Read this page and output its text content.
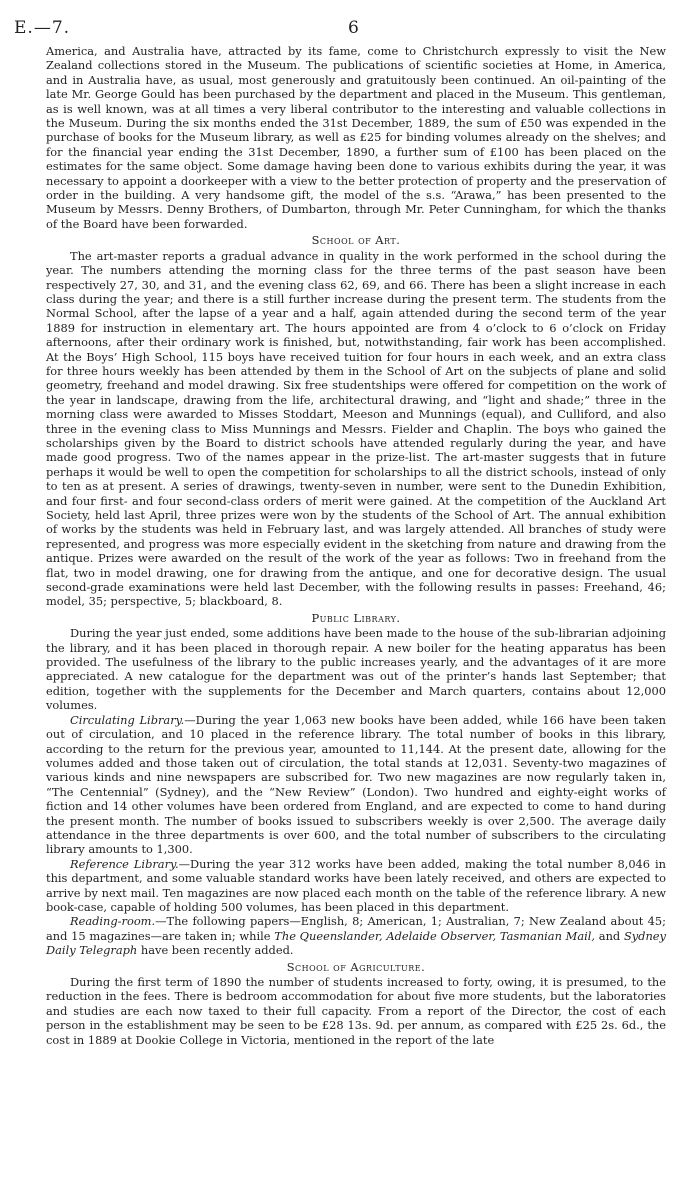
E.—7.	6

America, and Australia have, attracted by its fame, come to Christchurch expressly to visit the New Zealand collections stored in the Museum. The publications of scientific societies at Home, in America, and in Australia have, as usual, most generously and gratuitously been continued. An oil-painting of the late Mr. George Gould has been purchased by the department and placed in the Museum. This gentleman, as is well known, was at all times a very liberal contributor to the interesting and valuable collections in the Museum. During the six months ended the 31st December, 1889, the sum of £50 was expended in the purchase of books for the Museum library, as well as £25 for binding volumes already on the shelves; and for the financial year ending the 31st December, 1890, a further sum of £100 has been placed on the estimates for the same object. Some damage having been done to various exhibits during the year, it was necessary to appoint a doorkeeper with a view to the better protection of property and the preservation of order in the building. A very handsome gift, the model of the s.s. “Arawa,” has been presented to the Museum by Messrs. Denny Brothers, of Dumbarton, through Mr. Peter Cunningham, for which the thanks of the Board have been forwarded.

School of Art.

The art-master reports a gradual advance in quality in the work performed in the school during the year. The numbers attending the morning class for the three terms of the past season have been respectively 27, 30, and 31, and the evening class 62, 69, and 66. There has been a slight increase in each class during the year; and there is a still further increase during the present term. The students from the Normal School, after the lapse of a year and a half, again attended during the second term of the year 1889 for instruction in elementary art. The hours appointed are from 4 o’clock to 6 o’clock on Friday afternoons, after their ordinary work is finished, but, notwithstanding, fair work has been accomplished. At the Boys’ High School, 115 boys have received tuition for four hours in each week, and an extra class for three hours weekly has been attended by them in the School of Art on the subjects of plane and solid geometry, freehand and model drawing. Six free studentships were offered for competition on the work of the year in landscape, drawing from the life, architectural drawing, and “light and shade;” three in the morning class were awarded to Misses Stoddart, Meeson and Munnings (equal), and Culliford, and also three in the evening class to Miss Munnings and Messrs. Fielder and Chaplin. The boys who gained the scholarships given by the Board to district schools have attended regularly during the year, and have made good progress. Two of the names appear in the prize-list. The art-master suggests that in future perhaps it would be well to open the competition for scholarships to all the district schools, instead of only to ten as at present. A series of drawings, twenty-seven in number, were sent to the Dunedin Exhibition, and four first- and four second-class orders of merit were gained. At the competition of the Auckland Art Society, held last April, three prizes were won by the students of the School of Art. The annual exhibition of works by the students was held in February last, and was largely attended. All branches of study were represented, and progress was more especially evident in the sketching from nature and drawing from the antique. Prizes were awarded on the result of the work of the year as follows: Two in freehand from the flat, two in model drawing, one for drawing from the antique, and one for decorative design. The usual second-grade examinations were held last December, with the following results in passes: Freehand, 46; model, 35; perspective, 5; blackboard, 8.

Public Library.

During the year just ended, some additions have been made to the house of the sub-librarian adjoining the library, and it has been placed in thorough repair. A new boiler for the heating apparatus has been provided. The usefulness of the library to the public increases yearly, and the advantages of it are more appreciated. A new catalogue for the department was out of the printer’s hands last September; that edition, together with the supplements for the December and March quarters, contains about 12,000 volumes.

Circulating Library.—During the year 1,063 new books have been added, while 166 have been taken out of circulation, and 10 placed in the reference library. The total number of books in this library, according to the return for the previous year, amounted to 11,144. At the present date, allowing for the volumes added and those taken out of circulation, the total stands at 12,031. Seventy-two magazines of various kinds and nine newspapers are subscribed for. Two new magazines are now regularly taken in, “The Centennial” (Sydney), and the “New Review” (London). Two hundred and eighty-eight works of fiction and 14 other volumes have been ordered from England, and are expected to come to hand during the present month. The number of books issued to subscribers weekly is over 2,500. The average daily attendance in the three departments is over 600, and the total number of subscribers to the circulating library amounts to 1,300.

Reference Library.—During the year 312 works have been added, making the total number 8,046 in this department, and some valuable standard works have been lately received, and others are expected to arrive by next mail. Ten magazines are now placed each month on the table of the reference library. A new book-case, capable of holding 500 volumes, has been placed in this department.

Reading-room.—The following papers—English, 8; American, 1; Australian, 7; New Zealand about 45; and 15 magazines—are taken in; while The Queenslander, Adelaide Observer, Tasmanian Mail, and Sydney Daily Telegraph have been recently added.

School of Agriculture.

During the first term of 1890 the number of students increased to forty, owing, it is presumed, to the reduction in the fees. There is bedroom accommodation for about five more students, but the laboratories and studies are each now taxed to their full capacity. From a report of the Director, the cost of each person in the establishment may be seen to be £28 13s. 9d. per annum, as compared with £25 2s. 6d., the cost in 1889 at Dookie College in Victoria, mentioned in the report of the late
